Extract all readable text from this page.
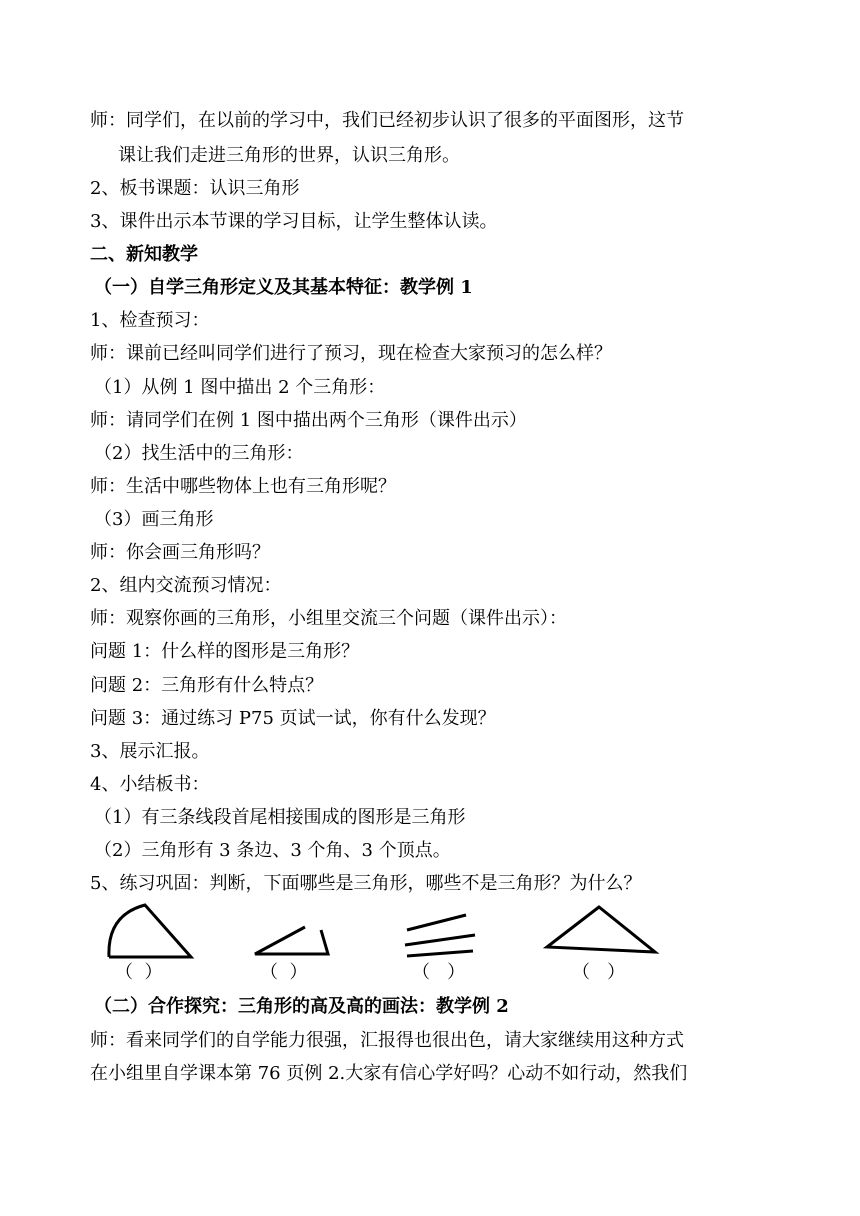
师：同学们，在以前的学习中，我们已经初步认识了很多的平面图形，这节
课让我们走进三角形的世界，认识三角形。
2、板书课题：认识三角形
3、课件出示本节课的学习目标，让学生整体认读。
二、新知教学
（一）自学三角形定义及其基本特征：教学例 1
1、检查预习：
师：课前已经叫同学们进行了预习，现在检查大家预习的怎么样？
（1）从例 1 图中描出 2 个三角形：
师：请同学们在例 1 图中描出两个三角形（课件出示）
（2）找生活中的三角形：
师：生活中哪些物体上也有三角形呢？
（3）画三角形
师：你会画三角形吗？
2、组内交流预习情况：
师：观察你画的三角形，小组里交流三个问题（课件出示）：
问题 1：什么样的图形是三角形？
问题 2：三角形有什么特点？
问题 3：通过练习 P75 页试一试，你有什么发现？
3、展示汇报。
4、小结板书：
（1）有三条线段首尾相接围成的图形是三角形
（2）三角形有 3 条边、3 个角、3 个顶点。
5、练习巩固：判断，下面哪些是三角形，哪些不是三角形？为什么？
（  ）	（  ）	（   ）	（   ）
（二）合作探究：三角形的高及高的画法：教学例 2
师：看来同学们的自学能力很强，汇报得也很出色，请大家继续用这种方式
在小组里自学课本第 76 页例 2.大家有信心学好吗？心动不如行动，然我们
